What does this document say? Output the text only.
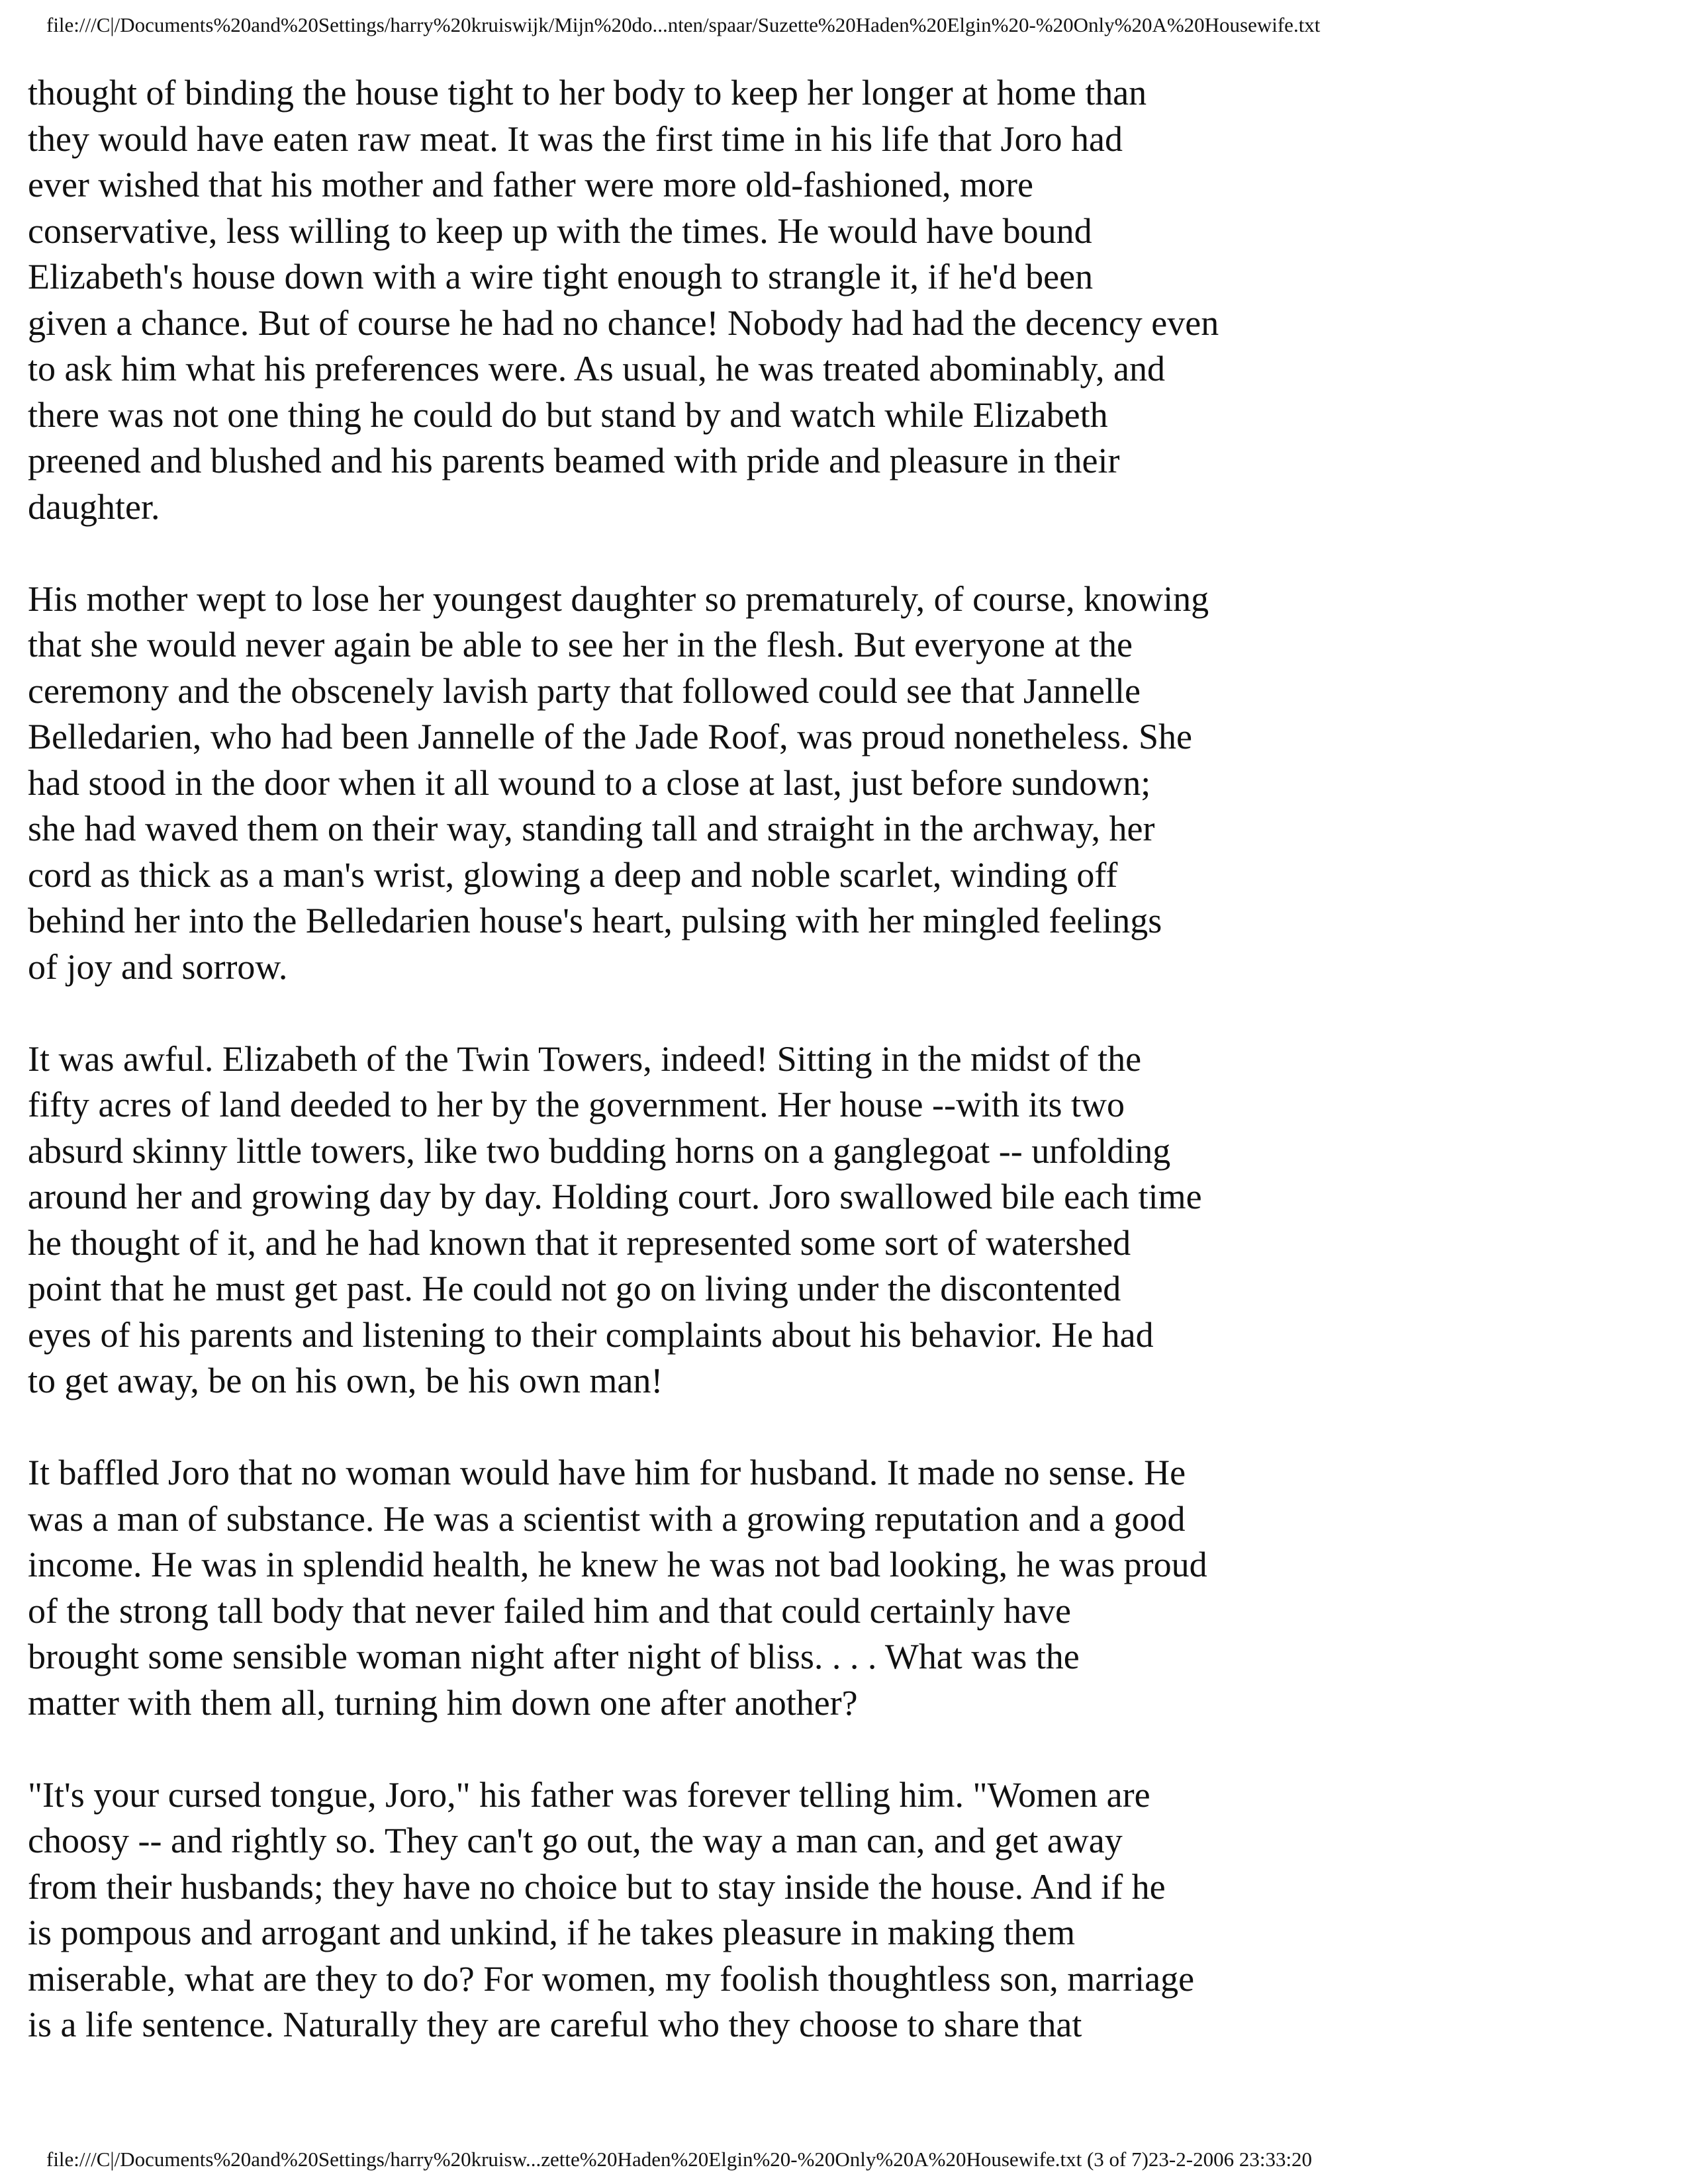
file:///C|/Documents%20and%20Settings/harry%20kruiswijk/Mijn%20do...nten/spaar/Suzette%20Haden%20Elgin%20-%20Only%20A%20Housewife.txt
thought of binding the house tight to her body to keep her longer at home than
they would have eaten raw meat. It was the first time in his life that Joro had
ever wished that his mother and father were more old-fashioned, more
conservative, less willing to keep up with the times. He would have bound
Elizabeth's house down with a wire tight enough to strangle it, if he'd been
given a chance. But of course he had no chance! Nobody had had the decency even
to ask him what his preferences were. As usual, he was treated abominably, and
there was not one thing he could do but stand by and watch while Elizabeth
preened and blushed and his parents beamed with pride and pleasure in their
daughter.
His mother wept to lose her youngest daughter so prematurely, of course, knowing
that she would never again be able to see her in the flesh. But everyone at the
ceremony and the obscenely lavish party that followed could see that Jannelle
Belledarien, who had been Jannelle of the Jade Roof, was proud nonetheless. She
had stood in the door when it all wound to a close at last, just before sundown;
she had waved them on their way, standing tall and straight in the archway, her
cord as thick as a man's wrist, glowing a deep and noble scarlet, winding off
behind her into the Belledarien house's heart, pulsing with her mingled feelings
of joy and sorrow.
It was awful. Elizabeth of the Twin Towers, indeed! Sitting in the midst of the
fifty acres of land deeded to her by the government. Her house --with its two
absurd skinny little towers, like two budding horns on a ganglegoat -- unfolding
around her and growing day by day. Holding court. Joro swallowed bile each time
he thought of it, and he had known that it represented some sort of watershed
point that he must get past. He could not go on living under the discontented
eyes of his parents and listening to their complaints about his behavior. He had
to get away, be on his own, be his own man!
It baffled Joro that no woman would have him for husband. It made no sense. He
was a man of substance. He was a scientist with a growing reputation and a good
income. He was in splendid health, he knew he was not bad looking, he was proud
of the strong tall body that never failed him and that could certainly have
brought some sensible woman night after night of bliss. . . . What was the
matter with them all, turning him down one after another?
"It's your cursed tongue, Joro," his father was forever telling him. "Women are
choosy -- and rightly so. They can't go out, the way a man can, and get away
from their husbands; they have no choice but to stay inside the house. And if he
is pompous and arrogant and unkind, if he takes pleasure in making them
miserable, what are they to do? For women, my foolish thoughtless son, marriage
is a life sentence. Naturally they are careful who they choose to share that
file:///C|/Documents%20and%20Settings/harry%20kruisw...zette%20Haden%20Elgin%20-%20Only%20A%20Housewife.txt (3 of 7)23-2-2006 23:33:20
